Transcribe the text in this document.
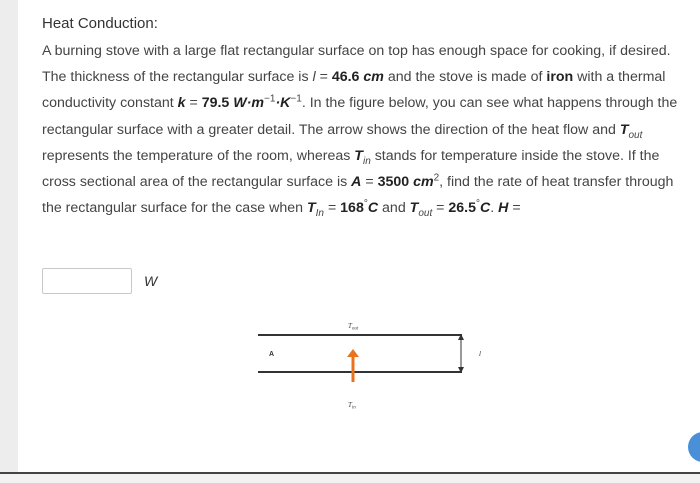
Heat Conduction:
A burning stove with a large flat rectangular surface on top has enough space for cooking, if desired. The thickness of the rectangular surface is l = 46.6 cm and the stove is made of iron with a thermal conductivity constant k = 79.5 $W\cdot m^{-1}\cdot K^{-1}$. In the figure below, you can see what happens through the rectangular surface with a greater detail. The arrow shows the direction of the heat flow and $T_{out}$ represents the temperature of the room, whereas $T_{in}$ stands for temperature inside the stove. If the cross sectional area of the rectangular surface is A = 3500 $cm^2$, find the rate of heat transfer through the rectangular surface for the case when $T_{In} = 168^\circ C$ and $T_{out} = 26.5^\circ C$. H =
W
$T_{out}$
A	l
$T_{in}$
